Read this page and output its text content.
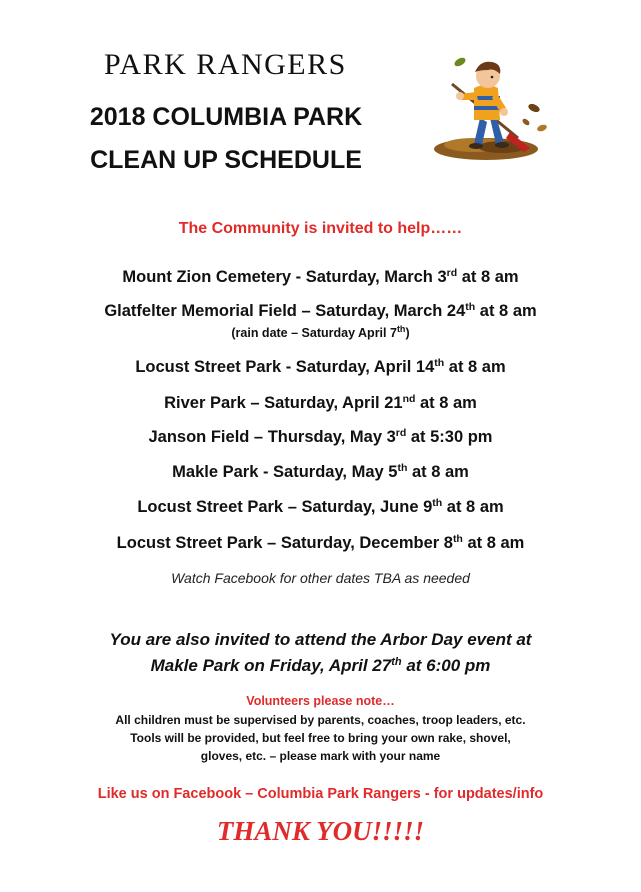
PARK RANGERS
2018 COLUMBIA PARK
CLEAN UP SCHEDULE
The Community is invited to help……
Mount Zion Cemetery - Saturday, March 3rd at 8 am
Glatfelter Memorial Field – Saturday, March 24th at 8 am
(rain date – Saturday April 7th)
Locust Street Park - Saturday, April 14th at 8 am
River Park – Saturday, April 21nd at 8 am
Janson Field – Thursday, May 3rd at 5:30 pm
Makle Park - Saturday, May 5th at 8 am
Locust Street Park – Saturday, June 9th at 8 am
Locust Street Park – Saturday, December 8th at 8 am
Watch Facebook for other dates TBA as needed
You are also invited to attend the Arbor Day event at
Makle Park on Friday, April 27th at 6:00 pm
Volunteers please note…
All children must be supervised by parents, coaches, troop leaders, etc.
Tools will be provided, but feel free to bring your own rake, shovel,
gloves, etc. – please mark with your name
Like us on Facebook – Columbia Park Rangers - for updates/info
THANK YOU!!!!!
